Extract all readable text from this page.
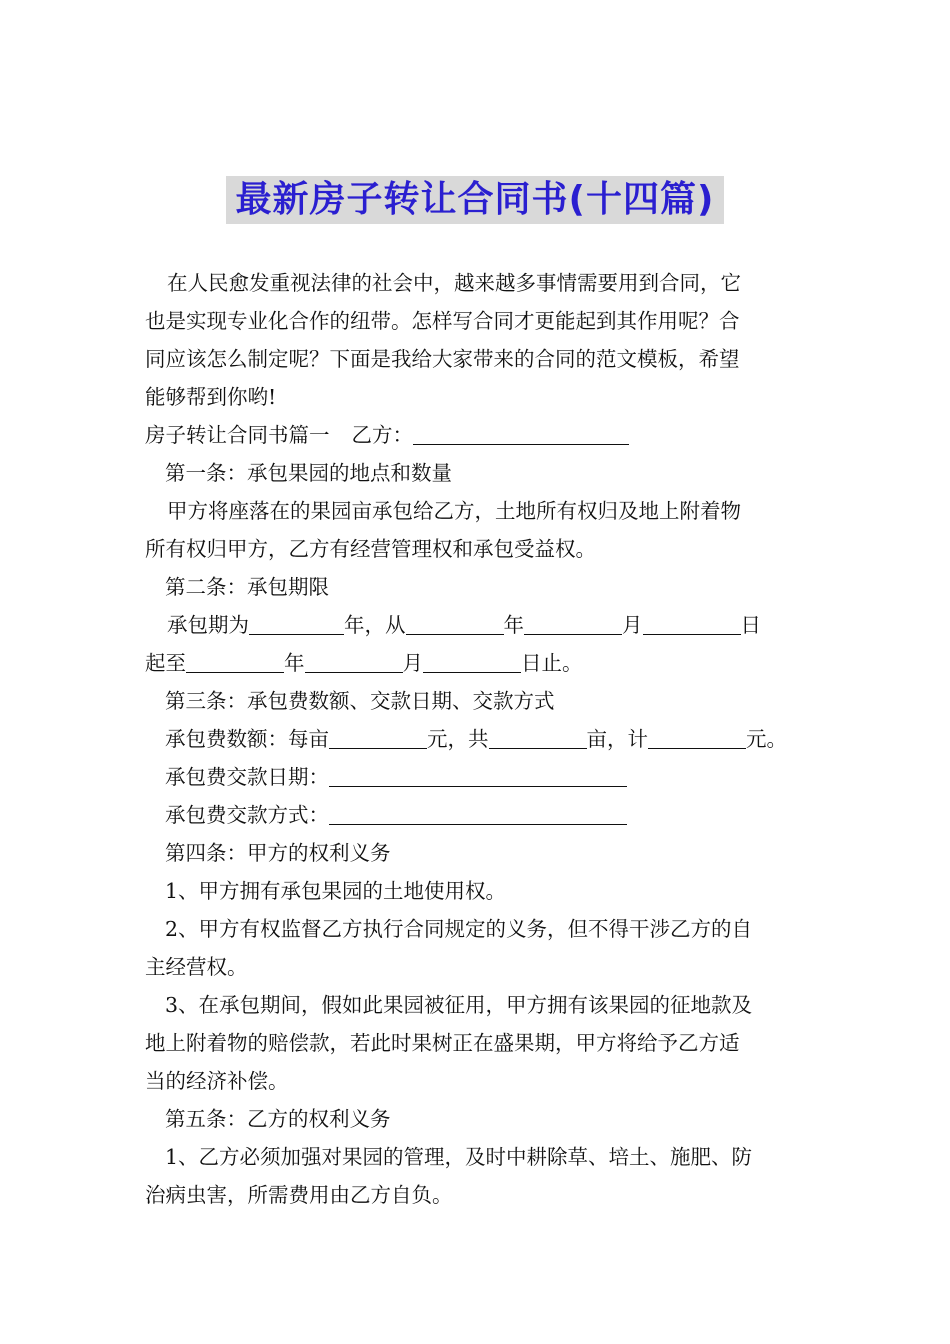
最新房子转让合同书(十四篇)

在人民愈发重视法律的社会中，越来越多事情需要用到合同，它

也是实现专业化合作的纽带。怎样写合同才更能起到其作用呢？合

同应该怎么制定呢？下面是我给大家带来的合同的范文模板，希望

能够帮到你哟!

房子转让合同书篇一 乙方：

第一条：承包果园的地点和数量

甲方将座落在的果园亩承包给乙方，土地所有权归及地上附着物

所有权归甲方，乙方有经营管理权和承包受益权。

第二条：承包期限

承包期为	年，从	年	月	日

起至	年	月	日止。

第三条：承包费数额、交款日期、交款方式

承包费数额：每亩	元，共	亩，计	元。

承包费交款日期：

承包费交款方式：

第四条：甲方的权利义务

1、甲方拥有承包果园的土地使用权。

2、甲方有权监督乙方执行合同规定的义务，但不得干涉乙方的自

主经营权。

3、在承包期间，假如此果园被征用，甲方拥有该果园的征地款及

地上附着物的赔偿款，若此时果树正在盛果期，甲方将给予乙方适

当的经济补偿。

第五条：乙方的权利义务

1、乙方必须加强对果园的管理，及时中耕除草、培土、施肥、防

治病虫害，所需费用由乙方自负。
